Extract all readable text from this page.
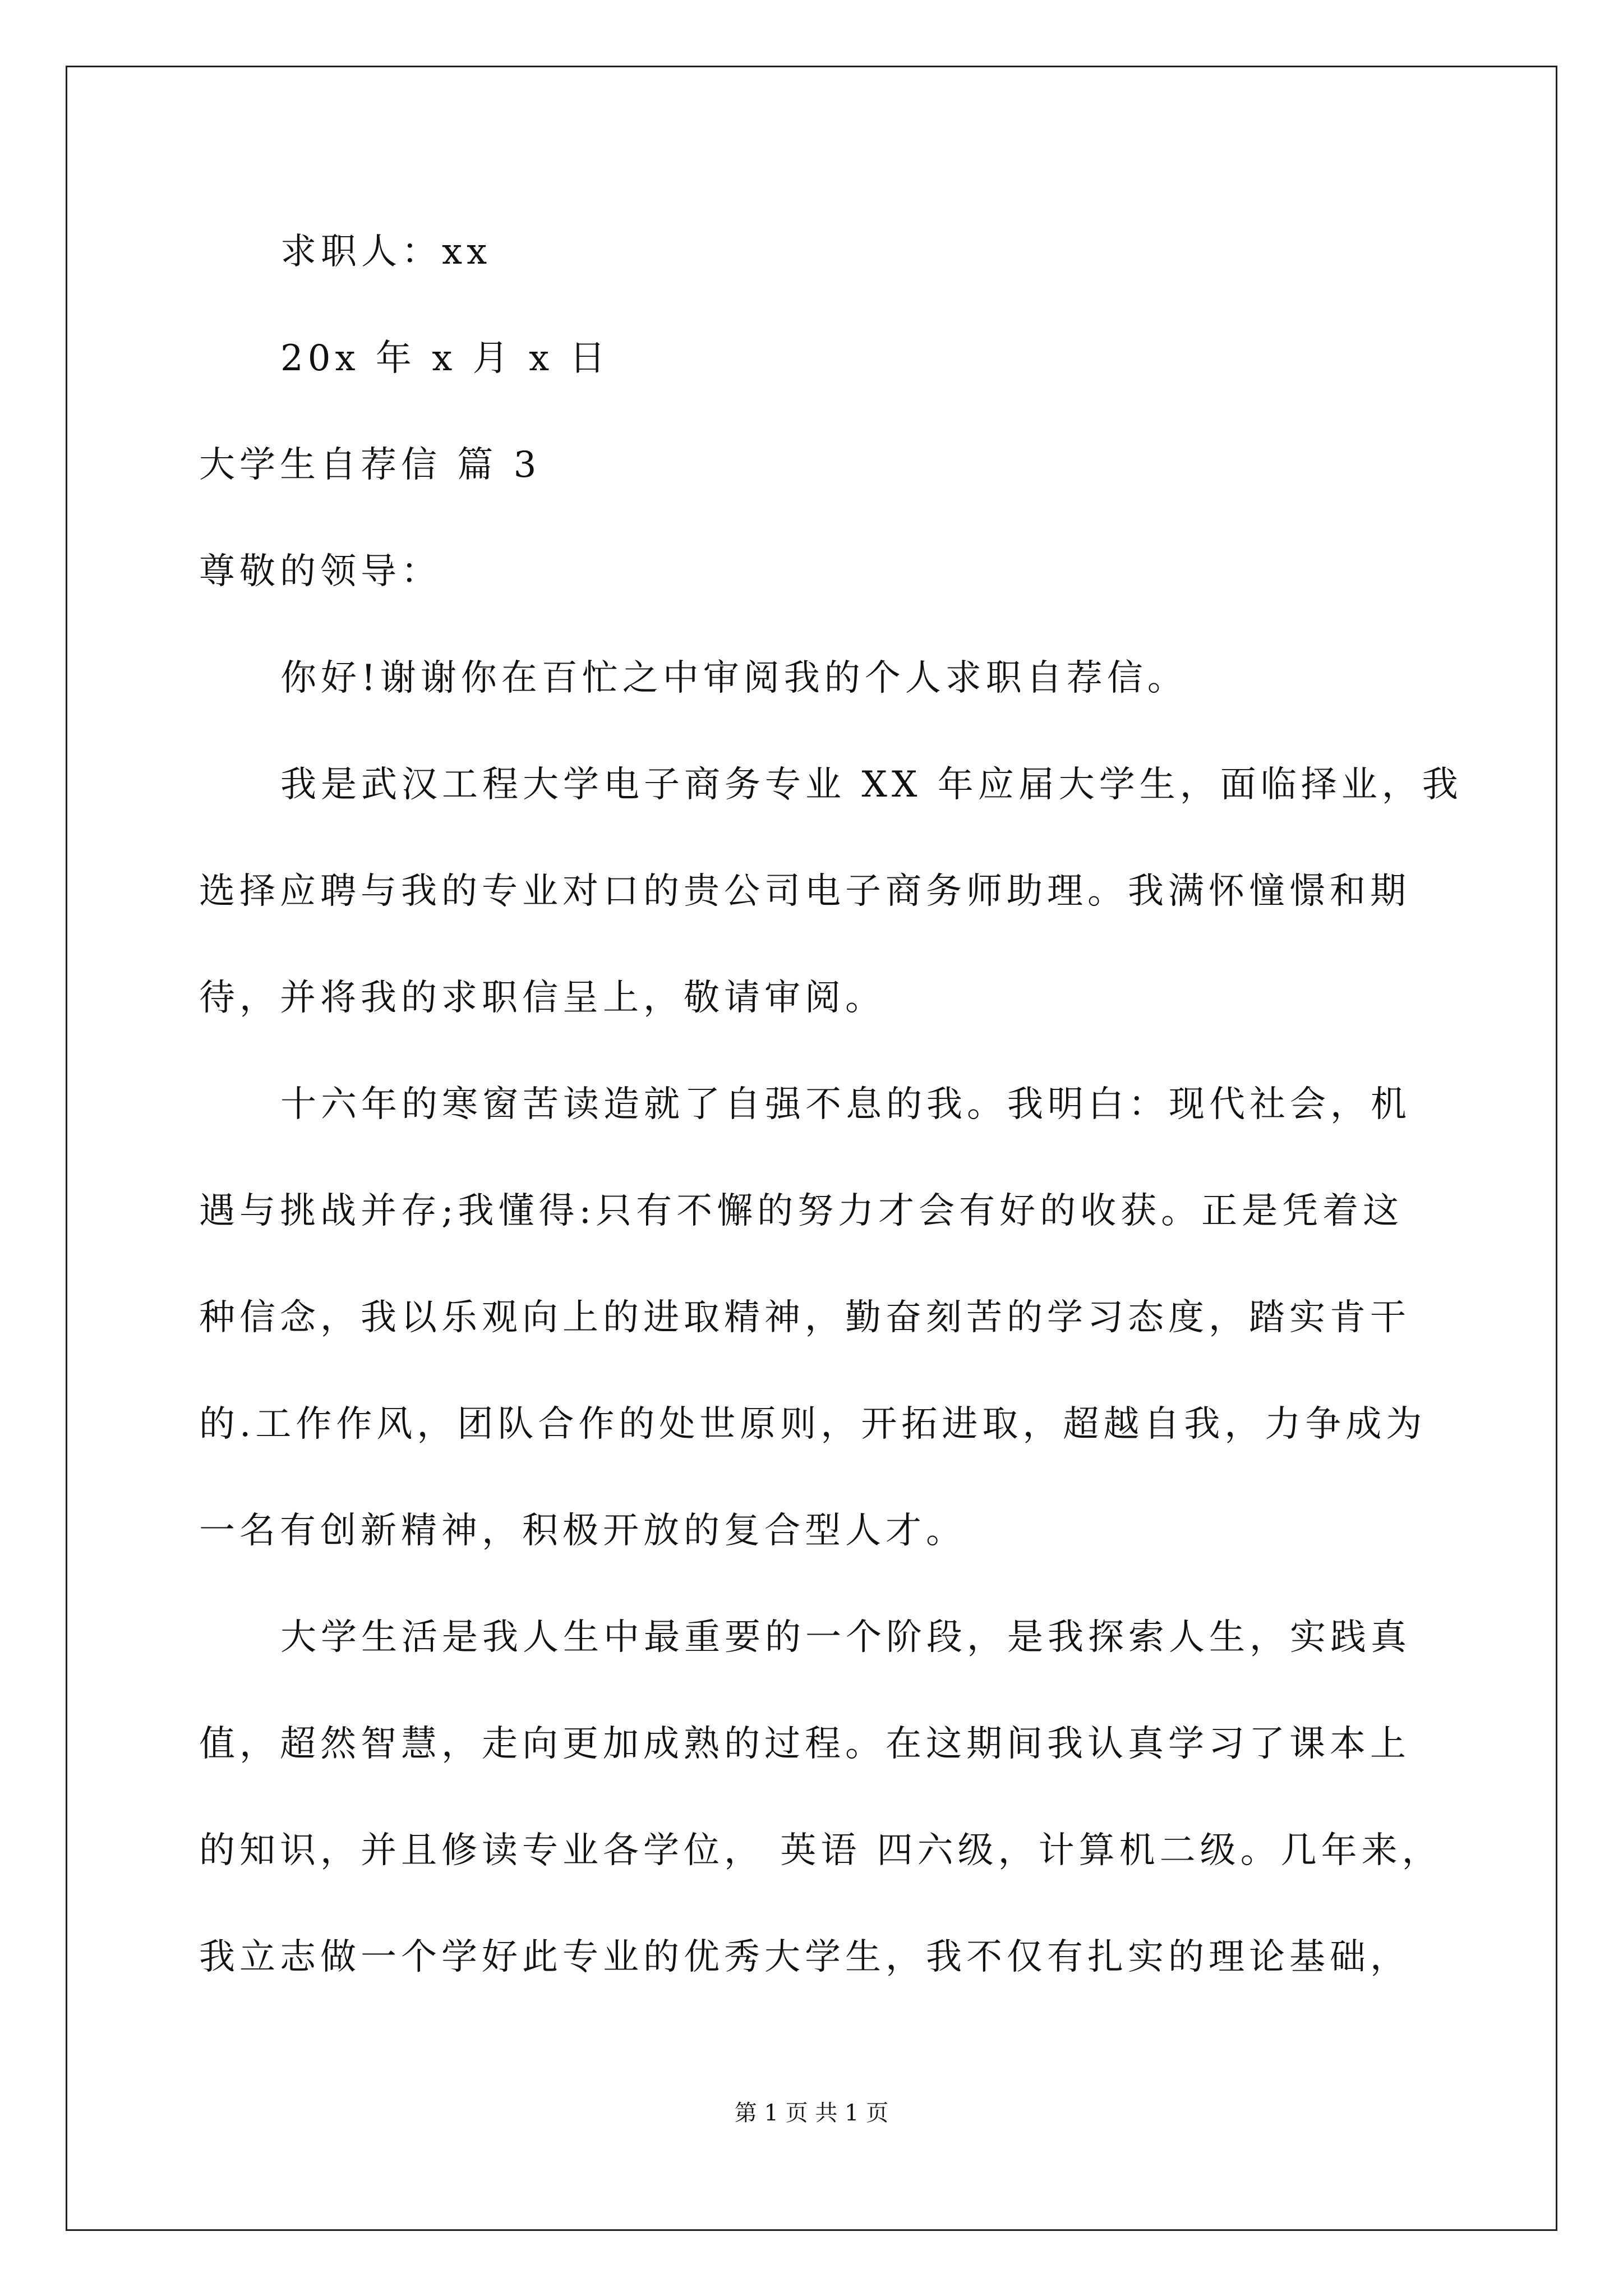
求职人：xx
20x 年 x 月 x 日
大学生自荐信 篇 3
尊敬的领导：
你好!谢谢你在百忙之中审阅我的个人求职自荐信。
我是武汉工程大学电子商务专业 XX 年应届大学生，面临择业，我
选择应聘与我的专业对口的贵公司电子商务师助理。我满怀憧憬和期
待，并将我的求职信呈上，敬请审阅。
十六年的寒窗苦读造就了自强不息的我。我明白：现代社会，机
遇与挑战并存;我懂得:只有不懈的努力才会有好的收获。正是凭着这
种信念，我以乐观向上的进取精神，勤奋刻苦的学习态度，踏实肯干
的.工作作风，团队合作的处世原则，开拓进取，超越自我，力争成为
一名有创新精神，积极开放的复合型人才。
大学生活是我人生中最重要的一个阶段，是我探索人生，实践真
值，超然智慧，走向更加成熟的过程。在这期间我认真学习了课本上
的知识，并且修读专业各学位， 英语 四六级，计算机二级。几年来，
我立志做一个学好此专业的优秀大学生，我不仅有扎实的理论基础，
第 1 页 共 1 页
